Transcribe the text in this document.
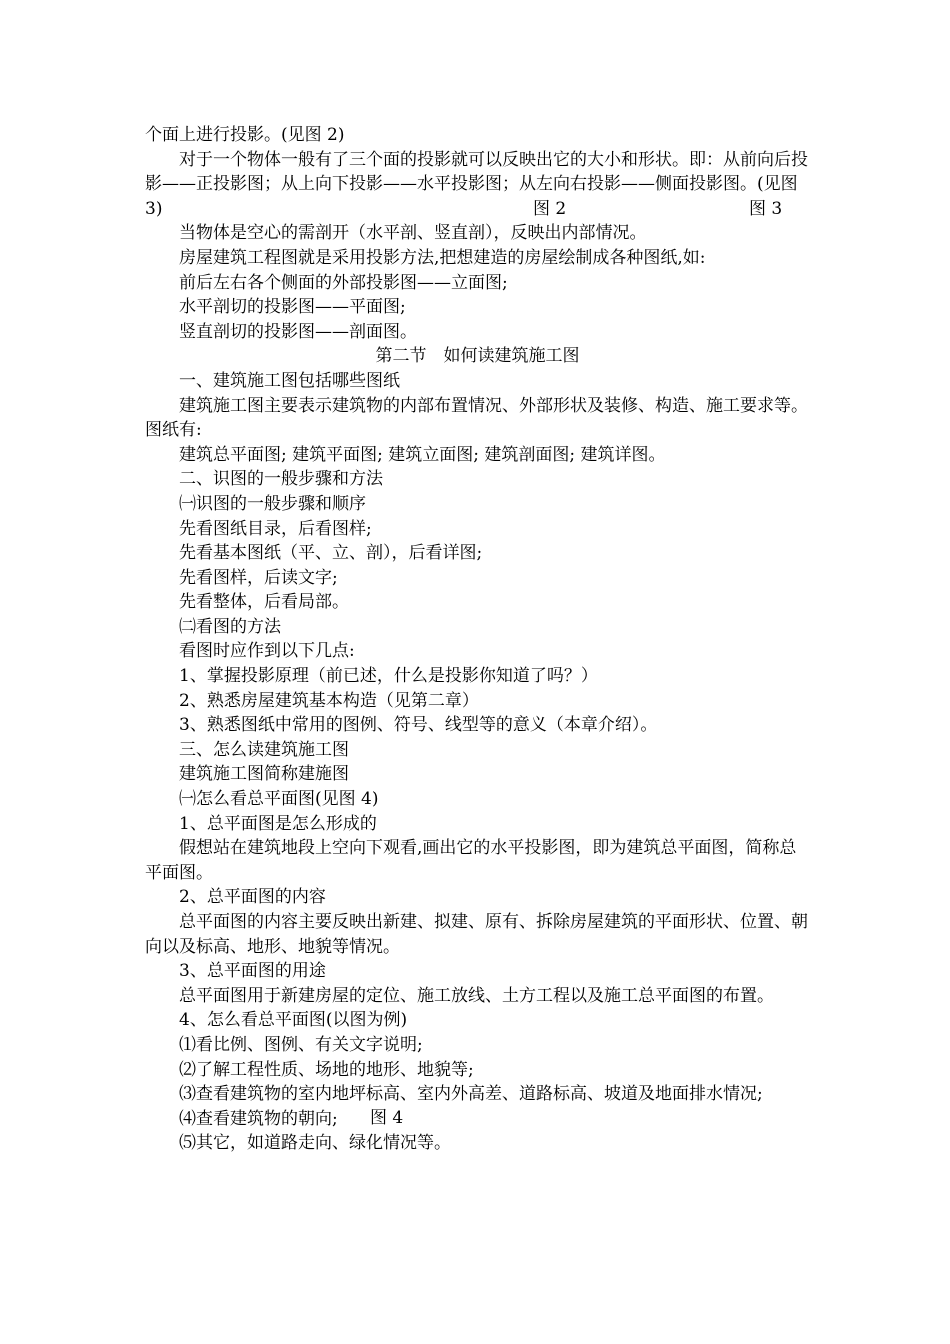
个面上进行投影。(见图 2)

对于一个物体一般有了三个面的投影就可以反映出它的大小和形状。即：从前向后投影——正投影图；从上向下投影——水平投影图；从左向右投影——侧面投影图。(见图 3)	图 2	图 3

当物体是空心的需剖开（水平剖、竖直剖），反映出内部情况。

房屋建筑工程图就是采用投影方法,把想建造的房屋绘制成各种图纸,如:

前后左右各个侧面的外部投影图——立面图;

水平剖切的投影图——平面图;

竖直剖切的投影图——剖面图。

第二节　如何读建筑施工图

一、建筑施工图包括哪些图纸

建筑施工图主要表示建筑物的内部布置情况、外部形状及装修、构造、施工要求等。图纸有:

建筑总平面图; 建筑平面图; 建筑立面图; 建筑剖面图; 建筑详图。

二、识图的一般步骤和方法

㈠识图的一般步骤和顺序

先看图纸目录，后看图样;

先看基本图纸（平、立、剖），后看详图;

先看图样，后读文字;

先看整体，后看局部。

㈡看图的方法

看图时应作到以下几点:

1、掌握投影原理（前已述，什么是投影你知道了吗？）

2、熟悉房屋建筑基本构造（见第二章）

3、熟悉图纸中常用的图例、符号、线型等的意义（本章介绍）。

三、怎么读建筑施工图

建筑施工图简称建施图

㈠怎么看总平面图(见图 4)

1、总平面图是怎么形成的

假想站在建筑地段上空向下观看,画出它的水平投影图，即为建筑总平面图，简称总平面图。

2、总平面图的内容

总平面图的内容主要反映出新建、拟建、原有、拆除房屋建筑的平面形状、位置、朝向以及标高、地形、地貌等情况。

3、总平面图的用途

总平面图用于新建房屋的定位、施工放线、土方工程以及施工总平面图的布置。

4、怎么看总平面图(以图为例)

⑴看比例、图例、有关文字说明;

⑵了解工程性质、场地的地形、地貌等;

⑶查看建筑物的室内地坪标高、室内外高差、道路标高、坡道及地面排水情况;

图 4

⑷查看建筑物的朝向;

⑸其它，如道路走向、绿化情况等。
